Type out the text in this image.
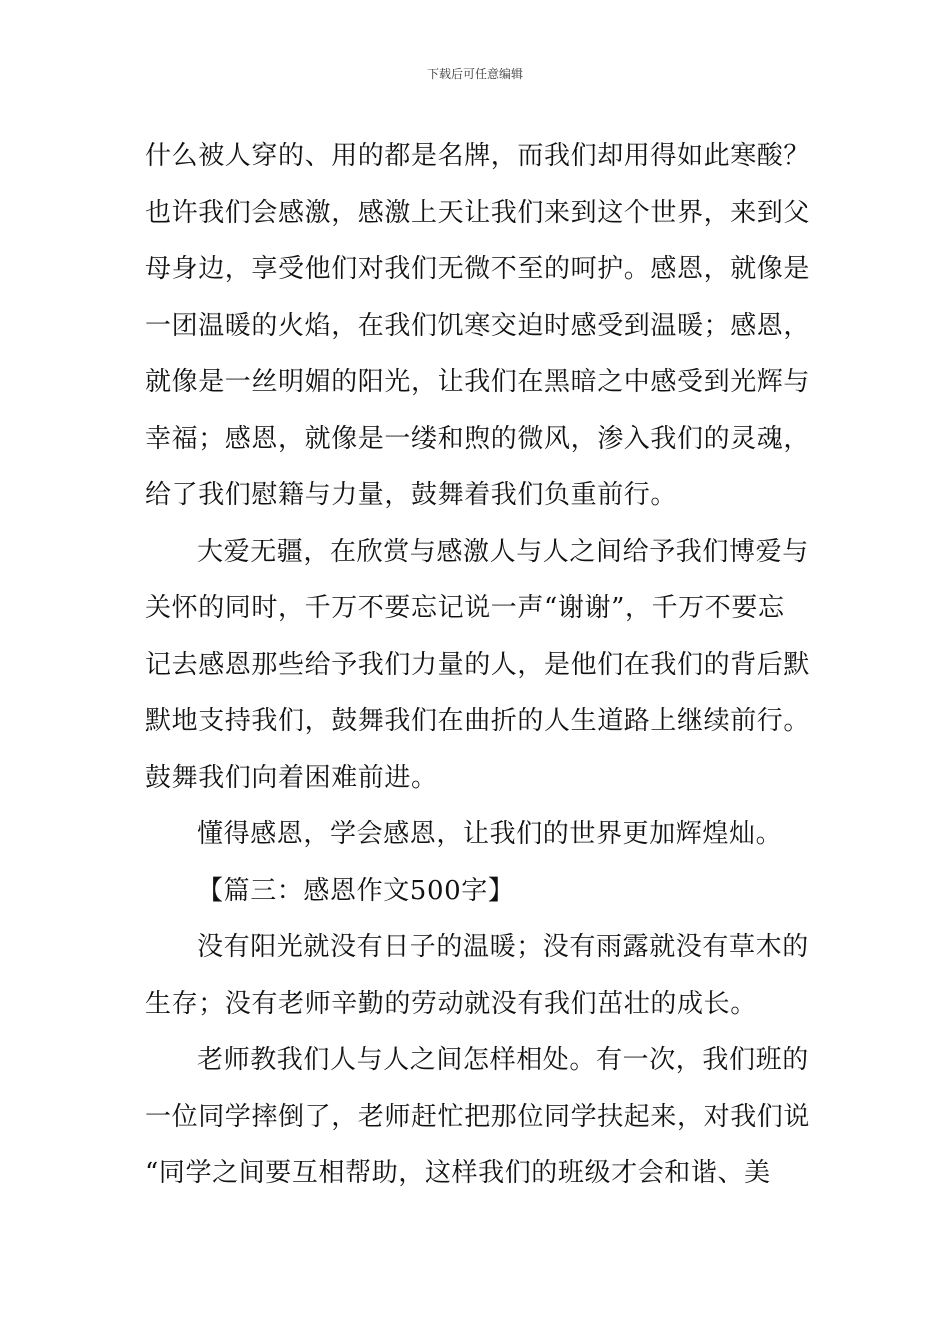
下载后可任意编辑
什么被人穿的、用的都是名牌，而我们却用得如此寒酸？
也许我们会感激，感激上天让我们来到这个世界，来到父
母身边，享受他们对我们无微不至的呵护。感恩，就像是
一团温暖的火焰，在我们饥寒交迫时感受到温暖；感恩，
就像是一丝明媚的阳光，让我们在黑暗之中感受到光辉与
幸福；感恩，就像是一缕和煦的微风，渗入我们的灵魂，
给了我们慰籍与力量，鼓舞着我们负重前行。
大爱无疆，在欣赏与感激人与人之间给予我们博爱与
关怀的同时，千万不要忘记说一声“谢谢”，千万不要忘
记去感恩那些给予我们力量的人，是他们在我们的背后默
默地支持我们，鼓舞我们在曲折的人生道路上继续前行。
鼓舞我们向着困难前进。
懂得感恩，学会感恩，让我们的世界更加辉煌灿。
【篇三：感恩作文500字】
没有阳光就没有日子的温暖；没有雨露就没有草木的
生存；没有老师辛勤的劳动就没有我们茁壮的成长。
老师教我们人与人之间怎样相处。有一次，我们班的
一位同学摔倒了，老师赶忙把那位同学扶起来，对我们说
“同学之间要互相帮助，这样我们的班级才会和谐、美
